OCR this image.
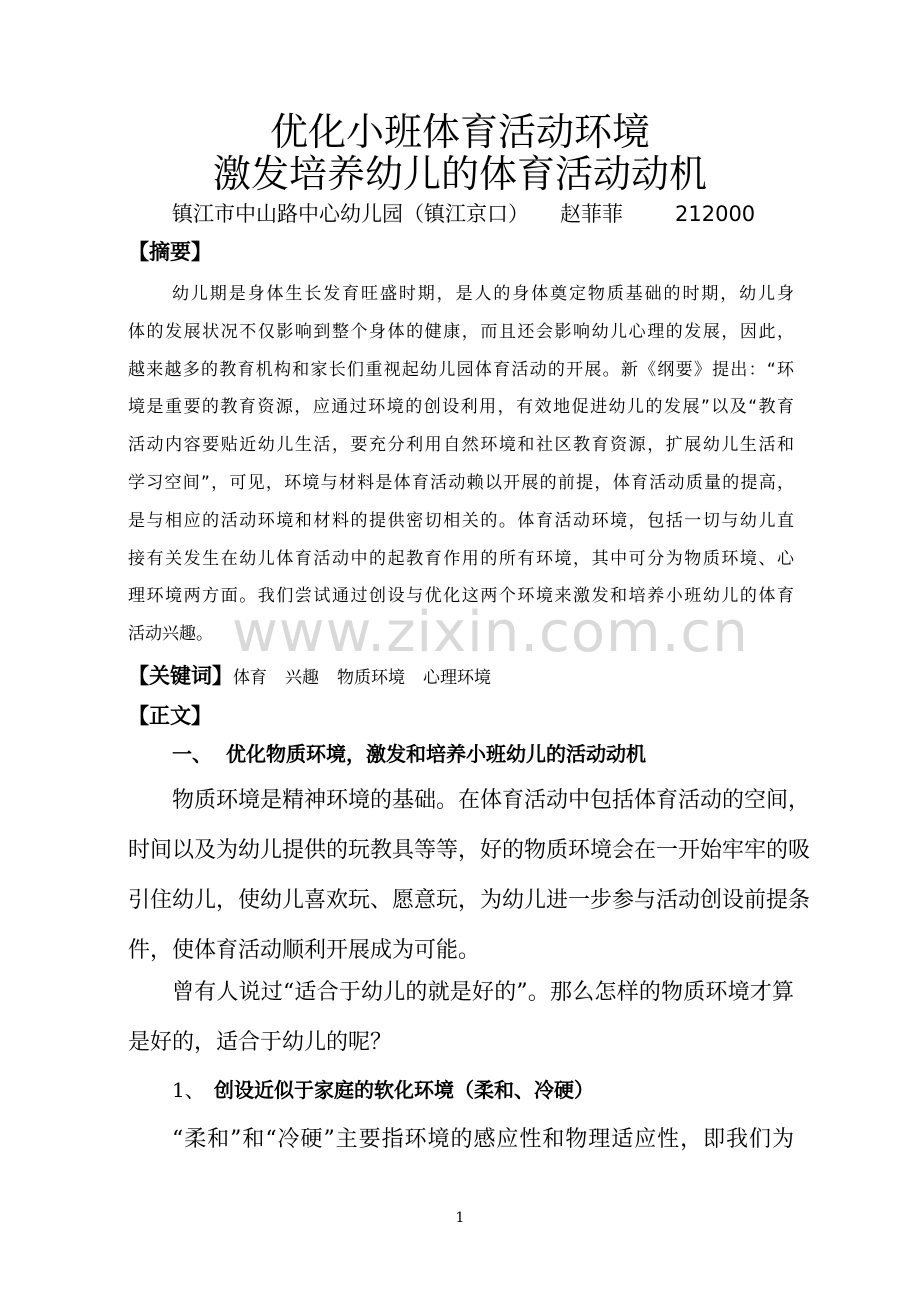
优化小班体育活动环境
激发培养幼儿的体育活动动机
镇江市中山路中心幼儿园（镇江京口） 赵菲菲 212000
【摘要】
幼儿期是身体生长发育旺盛时期，是人的身体奠定物质基础的时期，幼儿身
体的发展状况不仅影响到整个身体的健康，而且还会影响幼儿心理的发展，因此，
越来越多的教育机构和家长们重视起幼儿园体育活动的开展。新《纲要》提出：“环
境是重要的教育资源，应通过环境的创设利用，有效地促进幼儿的发展”以及“教育
活动内容要贴近幼儿生活，要充分利用自然环境和社区教育资源，扩展幼儿生活和
学习空间”，可见，环境与材料是体育活动赖以开展的前提，体育活动质量的提高，
是与相应的活动环境和材料的提供密切相关的。体育活动环境，包括一切与幼儿直
接有关发生在幼儿体育活动中的起教育作用的所有环境，其中可分为物质环境、心
理环境两方面。我们尝试通过创设与优化这两个环境来激发和培养小班幼儿的体育
活动兴趣。 www.zixin.com.cn
【关键词】体育 兴趣 物质环境 心理环境
【正文】
一、 优化物质环境，激发和培养小班幼儿的活动动机
物质环境是精神环境的基础。在体育活动中包括体育活动的空间，
时间以及为幼儿提供的玩教具等等，好的物质环境会在一开始牢牢的吸
引住幼儿，使幼儿喜欢玩、愿意玩，为幼儿进一步参与活动创设前提条
件，使体育活动顺利开展成为可能。
曾有人说过“适合于幼儿的就是好的”。那么怎样的物质环境才算
是好的，适合于幼儿的呢？
1、 创设近似于家庭的软化环境（柔和、冷硬）
“柔和”和“冷硬”主要指环境的感应性和物理适应性，即我们为
1
